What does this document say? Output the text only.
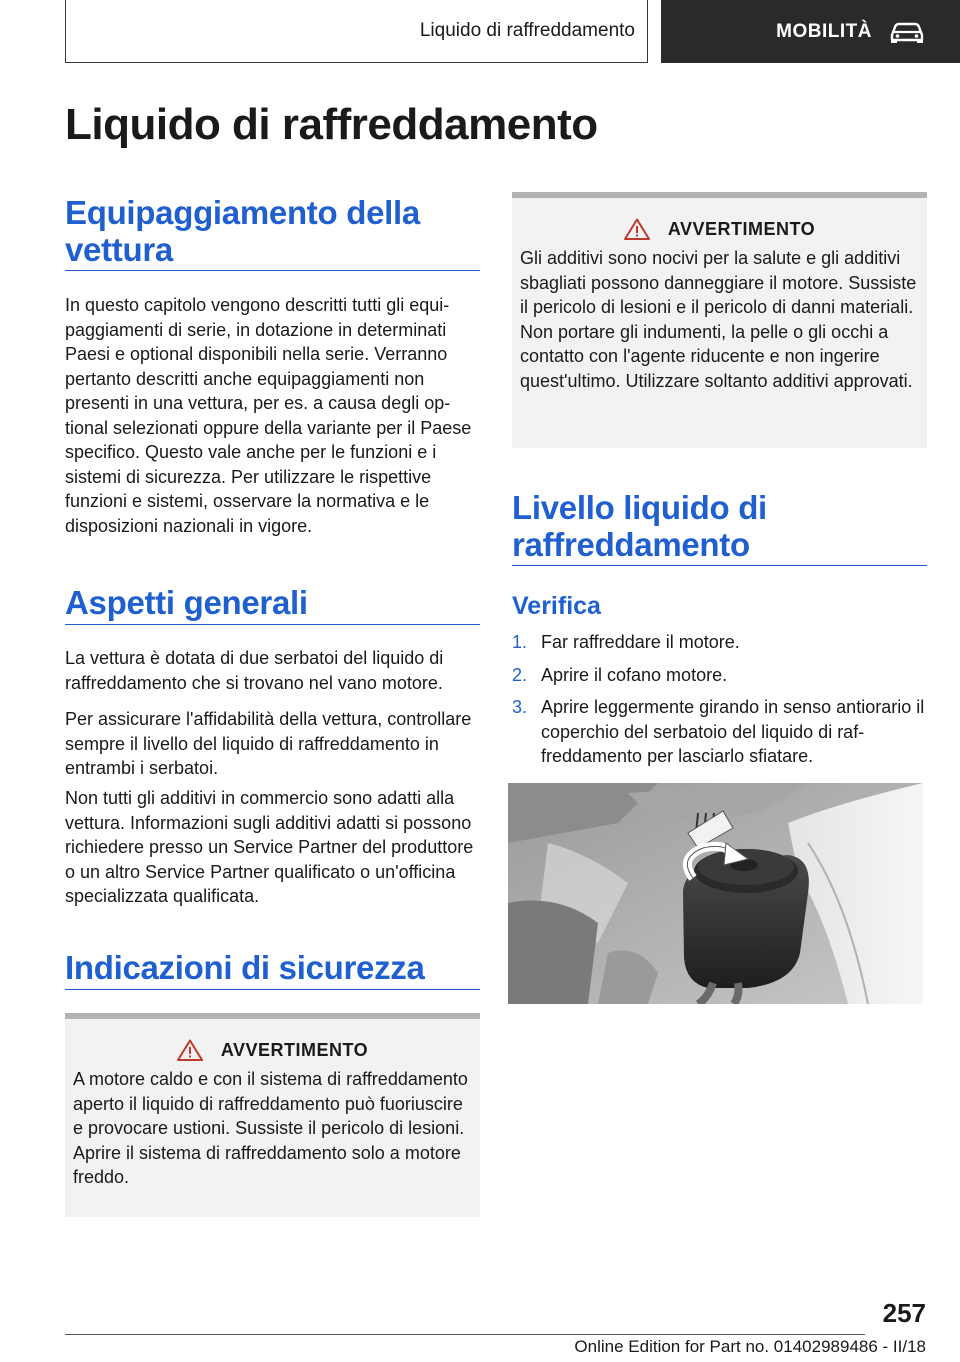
Liquido di raffreddamento	MOBILITÀ
Liquido di raffreddamento
Equipaggiamento della vettura

In questo capitolo vengono descritti tutti gli equipaggiamenti di serie, in dotazione in determinati Paesi e optional disponibili nella serie. Verranno pertanto descritti anche equipaggiamenti non presenti in una vettura, per es. a causa degli optional selezionati oppure della variante per il Paese specifico. Questo vale anche per le funzioni e i sistemi di sicurezza. Per utilizzare le rispettive funzioni e sistemi, osservare la normativa e le disposizioni nazionali in vigore.

Aspetti generali

La vettura è dotata di due serbatoi del liquido di raffreddamento che si trovano nel vano motore.

Per assicurare l'affidabilità della vettura, controllare sempre il livello del liquido di raffreddamento in entrambi i serbatoi.

Non tutti gli additivi in commercio sono adatti alla vettura. Informazioni sugli additivi adatti si possono richiedere presso un Service Partner del produttore o un altro Service Partner qualificato o un'officina specializzata qualificata.

Indicazioni di sicurezza
AVVERTIMENTO

A motore caldo e con il sistema di raffreddamento aperto il liquido di raffreddamento può fuoriuscire e provocare ustioni. Sussiste il pericolo di lesioni. Aprire il sistema di raffreddamento solo a motore freddo.

AVVERTIMENTO

Gli additivi sono nocivi per la salute e gli additivi sbagliati possono danneggiare il motore. Sussiste il pericolo di lesioni e il pericolo di danni materiali. Non portare gli indumenti, la pelle o gli occhi a contatto con l'agente riducente e non ingerire quest'ultimo. Utilizzare soltanto additivi approvati.

Livello liquido di raffreddamento
Verifica

1. Far raffreddare il motore.

2. Aprire il cofano motore.

3. Aprire leggermente girando in senso antiorario il coperchio del serbatoio del liquido di raffreddamento per lasciarlo sfiatare.

257
Online Edition for Part no. 01402989486 - II/18
